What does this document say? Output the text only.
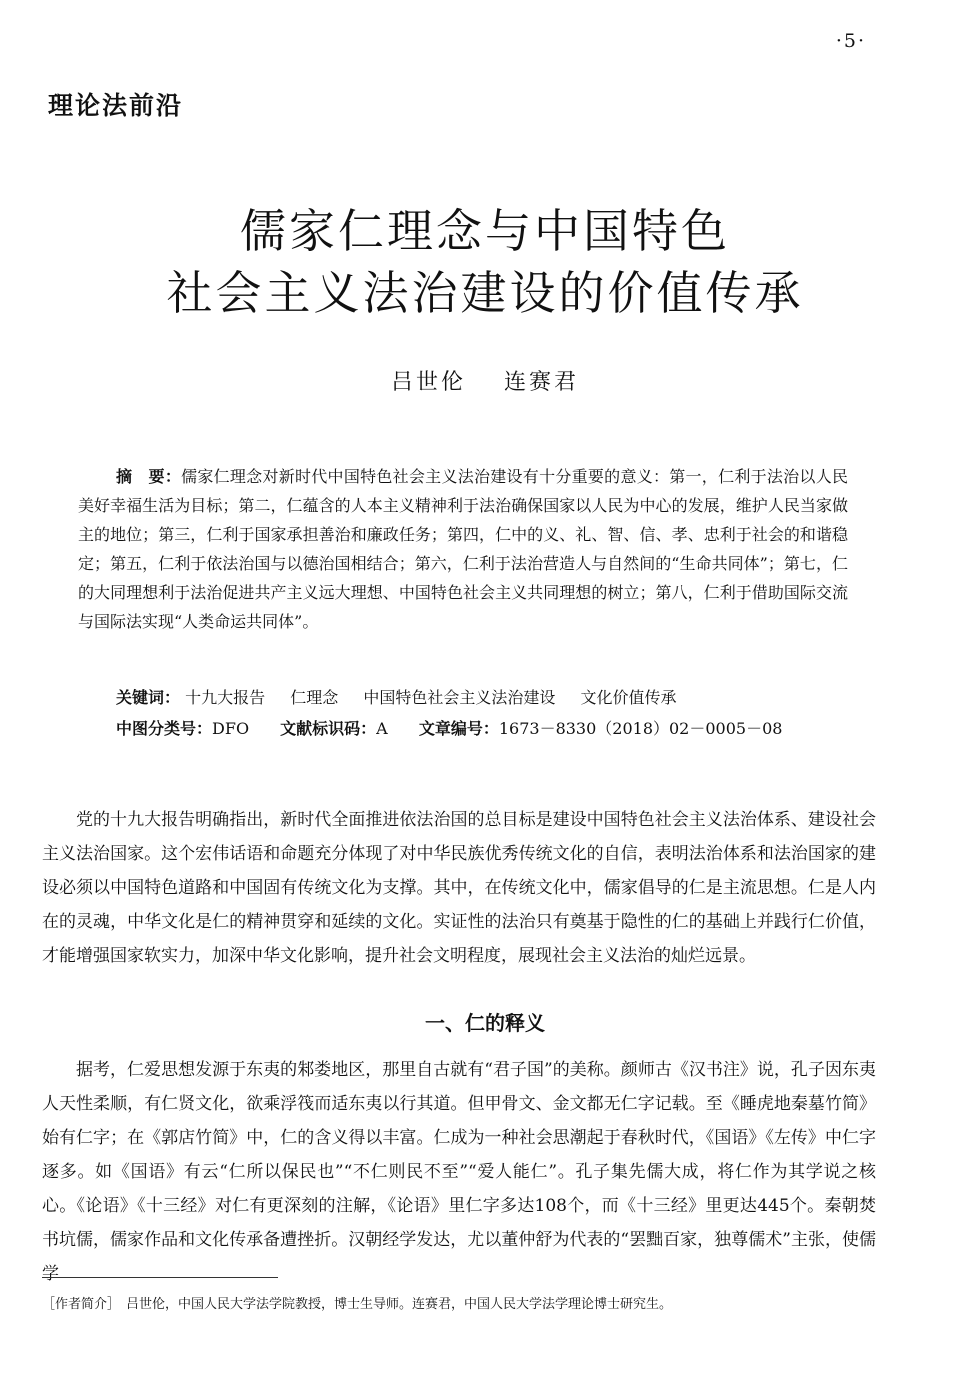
·5·
理论法前沿
儒家仁理念与中国特色
社会主义法治建设的价值传承
吕世伦 连赛君
摘　要：儒家仁理念对新时代中国特色社会主义法治建设有十分重要的意义：第一，仁利于法治以人民美好幸福生活为目标；第二，仁蕴含的人本主义精神利于法治确保国家以人民为中心的发展，维护人民当家做主的地位；第三，仁利于国家承担善治和廉政任务；第四，仁中的义、礼、智、信、孝、忠利于社会的和谐稳定；第五，仁利于依法治国与以德治国相结合；第六，仁利于法治营造人与自然间的“生命共同体”；第七，仁的大同理想利于法治促进共产主义远大理想、中国特色社会主义共同理想的树立；第八，仁利于借助国际交流与国际法实现“人类命运共同体”。
关键词： 十九大报告 仁理念 中国特色社会主义法治建设 文化价值传承
中图分类号：DFO 文献标识码：A 文章编号：1673－8330（2018）02－0005－08

党的十九大报告明确指出，新时代全面推进依法治国的总目标是建设中国特色社会主义法治体系、建设社会主义法治国家。这个宏伟话语和命题充分体现了对中华民族优秀传统文化的自信，表明法治体系和法治国家的建设必须以中国特色道路和中国固有传统文化为支撑。其中，在传统文化中，儒家倡导的仁是主流思想。仁是人内在的灵魂，中华文化是仁的精神贯穿和延续的文化。实证性的法治只有奠基于隐性的仁的基础上并践行仁价值，才能增强国家软实力，加深中华文化影响，提升社会文明程度，展现社会主义法治的灿烂远景。

一、仁的释义

据考，仁爱思想发源于东夷的邾娄地区，那里自古就有“君子国”的美称。颜师古《汉书注》说，孔子因东夷人天性柔顺，有仁贤文化，欲乘浮筏而适东夷以行其道。但甲骨文、金文都无仁字记载。至《睡虎地秦墓竹简》始有仁字；在《郭店竹简》中，仁的含义得以丰富。仁成为一种社会思潮起于春秋时代，《国语》《左传》中仁字逐多。如《国语》有云“仁所以保民也”“不仁则民不至”“爱人能仁”。孔子集先儒大成，将仁作为其学说之核心。《论语》《十三经》对仁有更深刻的注解，《论语》里仁字多达108个，而《十三经》里更达445个。秦朝焚书坑儒，儒家作品和文化传承备遭挫折。汉朝经学发达，尤以董仲舒为代表的“罢黜百家，独尊儒术”主张，使儒学

［作者简介］ 吕世伦，中国人民大学法学院教授，博士生导师。连赛君，中国人民大学法学理论博士研究生。
